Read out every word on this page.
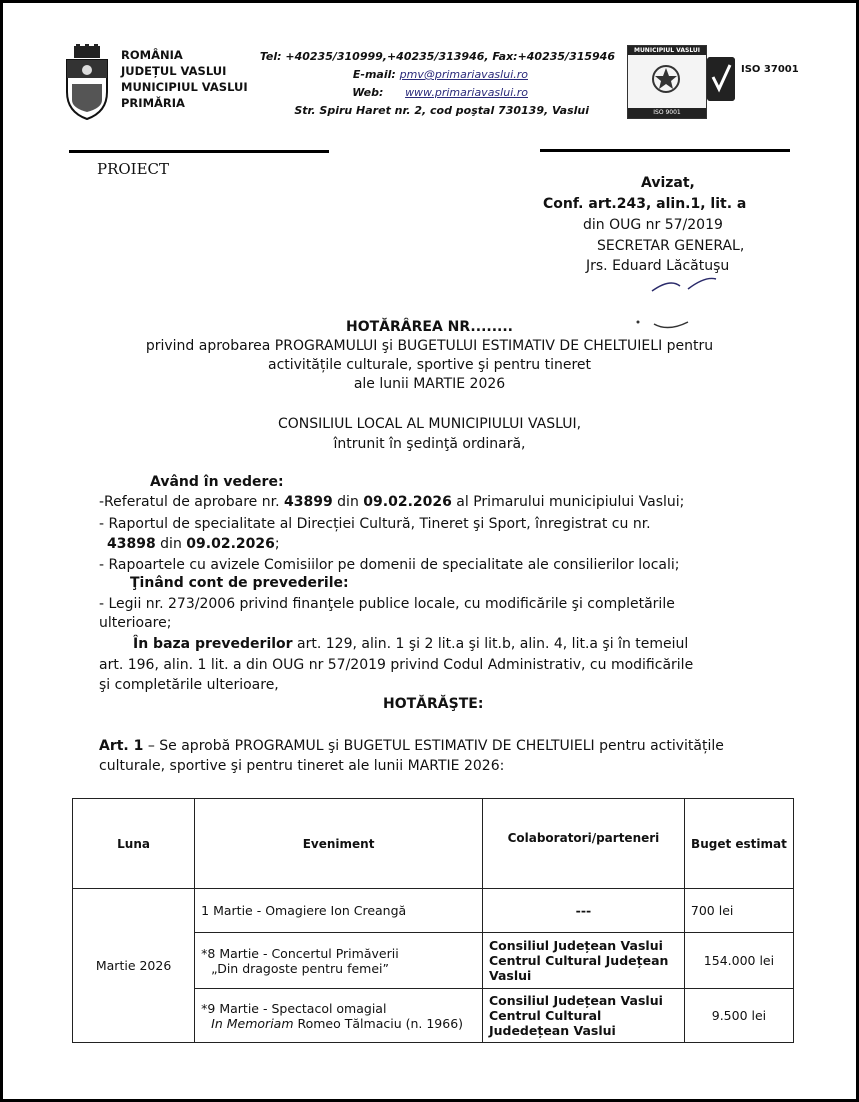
ROMÂNIA
JUDEȚUL VASLUI
MUNICIPIUL VASLUI
PRIMĂRIA
Tel: +40235/310999,+40235/313946, Fax:+40235/315946
E-mail: pmv@primariavaslui.ro
Web: www.primariavaslui.ro
Str. Spiru Haret nr. 2, cod poştal 730139, Vaslui
MUNICIPIUL VASLUI
ISO 9001
ISO 37001
PROIECT
Avizat,
Conf. art.243, alin.1, lit. a
din OUG nr 57/2019
SECRETAR GENERAL,
Jrs. Eduard Lăcătuşu
HOTĂRÂREA NR........
privind aprobarea PROGRAMULUI şi BUGETULUI ESTIMATIV DE CHELTUIELI pentru
activitățile culturale, sportive şi pentru tineret
ale lunii MARTIE 2026
CONSILIUL LOCAL AL MUNICIPIULUI VASLUI,
întrunit în şedinţă ordinară,
Având în vedere:
-Referatul de aprobare nr. 43899 din 09.02.2026 al Primarului municipiului Vaslui;
- Raportul de specialitate al Direcției Cultură, Tineret şi Sport, înregistrat cu nr.
43898 din 09.02.2026;
- Rapoartele cu avizele Comisiilor pe domenii de specialitate ale consilierilor locali;
Ţinând cont de prevederile:
- Legii nr. 273/2006 privind finanţele publice locale, cu modificările şi completările
ulterioare;
În baza prevederilor art. 129, alin. 1 şi 2 lit.a şi lit.b, alin. 4, lit.a şi în temeiul
art. 196, alin. 1 lit. a din OUG nr 57/2019 privind Codul Administrativ, cu modificările
şi completările ulterioare,
HOTĂRĂŞTE:
Art. 1 – Se aprobă PROGRAMUL şi BUGETUL ESTIMATIV DE CHELTUIELI pentru activitățile
culturale, sportive şi pentru tineret ale lunii MARTIE 2026:
Luna	Eveniment	Colaboratori/parteneri	Buget estimat
Martie 2026	1 Martie - Omagiere Ion Creangă	---	700 lei

	*8 Martie - Concertul Primăverii
„Din dragoste pentru femei”	Consiliul Județean Vaslui Centrul Cultural Județean Vaslui	154.000 lei

	*9 Martie - Spectacol omagial
In Memoriam Romeo Tălmaciu (n. 1966)	Consiliul Județean Vaslui Centrul Cultural Judedețean Vaslui	9.500 lei
